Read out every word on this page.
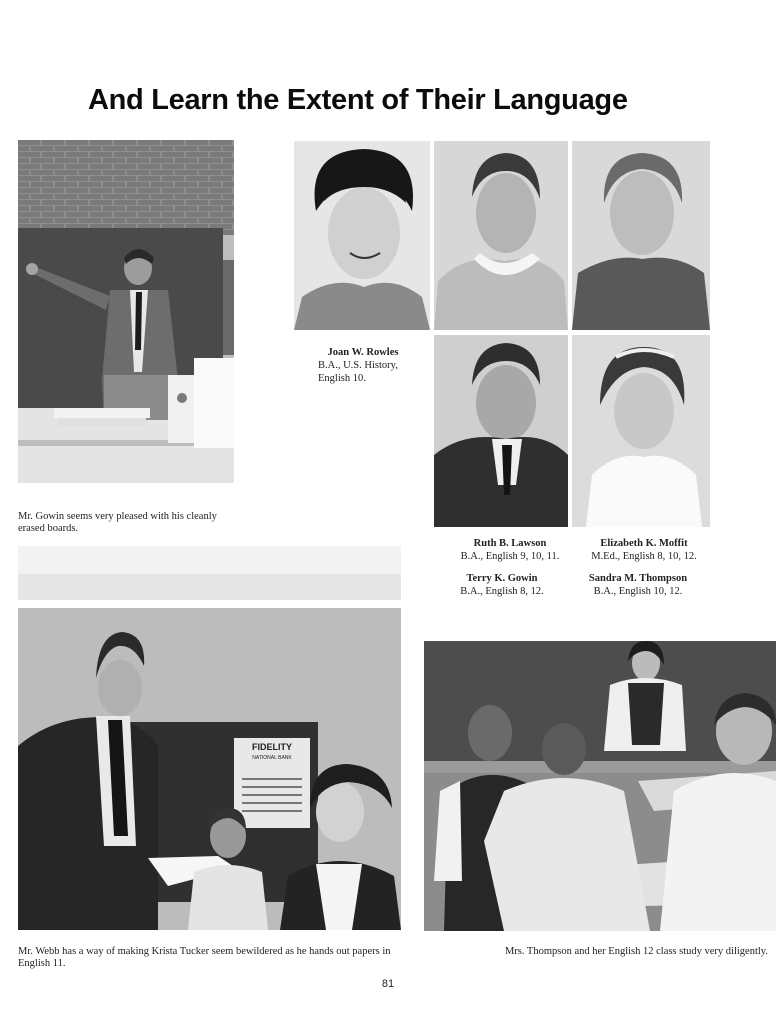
And Learn the Extent of Their Language
Mr. Gowin seems very pleased with his cleanly erased boards.
Joan W. Rowles
B.A., U.S. History,
English 10.
Ruth B. Lawson
B.A., English 9, 10, 11.
Elizabeth K. Moffit
M.Ed., English 8, 10, 12.
Terry K. Gowin
B.A., English 8, 12.
Sandra M. Thompson
B.A., English 10, 12.
FIDELITY
NATIONAL BANK
Mr. Webb has a way of making Krista Tucker seem bewildered as he hands out papers in English 11.
Mrs. Thompson and her English 12 class study very diligently.
81
